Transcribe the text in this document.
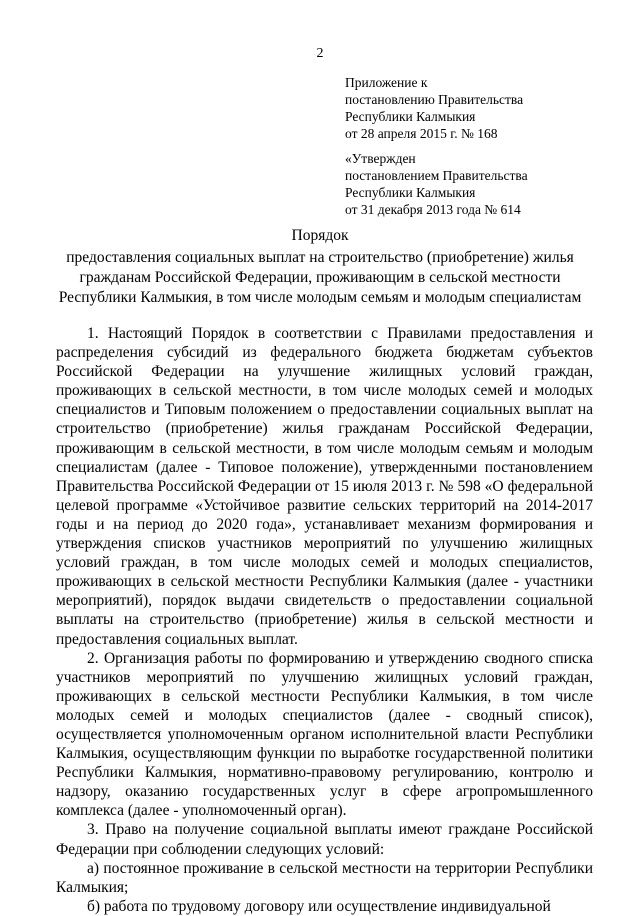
2
Приложение к
постановлению Правительства
Республики Калмыкия
от 28 апреля 2015 г. № 168
«Утвержден
постановлением Правительства
Республики Калмыкия
от 31 декабря 2013 года № 614
Порядок
предоставления социальных выплат на строительство (приобретение) жилья гражданам Российской Федерации, проживающим в сельской местности Республики Калмыкия, в том числе молодым семьям и молодым специалистам

1. Настоящий Порядок в соответствии с Правилами предоставления и распределения субсидий из федерального бюджета бюджетам субъектов Российской Федерации на улучшение жилищных условий граждан, проживающих в сельской местности, в том числе молодых семей и молодых специалистов и Типовым положением о предоставлении социальных выплат на строительство (приобретение) жилья гражданам Российской Федерации, проживающим в сельской местности, в том числе молодым семьям и молодым специалистам (далее - Типовое положение), утвержденными постановлением Правительства Российской Федерации от 15 июля 2013 г. № 598 «О федеральной целевой программе «Устойчивое развитие сельских территорий на 2014-2017 годы и на период до 2020 года», устанавливает механизм формирования и утверждения списков участников мероприятий по улучшению жилищных условий граждан, в том числе молодых семей и молодых специалистов, проживающих в сельской местности Республики Калмыкия (далее - участники мероприятий), порядок выдачи свидетельств о предоставлении социальной выплаты на строительство (приобретение) жилья в сельской местности и предоставления социальных выплат.

2. Организация работы по формированию и утверждению сводного списка участников мероприятий по улучшению жилищных условий граждан, проживающих в сельской местности Республики Калмыкия, в том числе молодых семей и молодых специалистов (далее - сводный список), осуществляется уполномоченным органом исполнительной власти Республики Калмыкия, осуществляющим функции по выработке государственной политики Республики Калмыкия, нормативно-правовому регулированию, контролю и надзору, оказанию государственных услуг в сфере агропромышленного комплекса (далее - уполномоченный орган).

3. Право на получение социальной выплаты имеют граждане Российской Федерации при соблюдении следующих условий:

а) постоянное проживание в сельской местности на территории Республики Калмыкия;

б) работа по трудовому договору или осуществление индивидуальной
